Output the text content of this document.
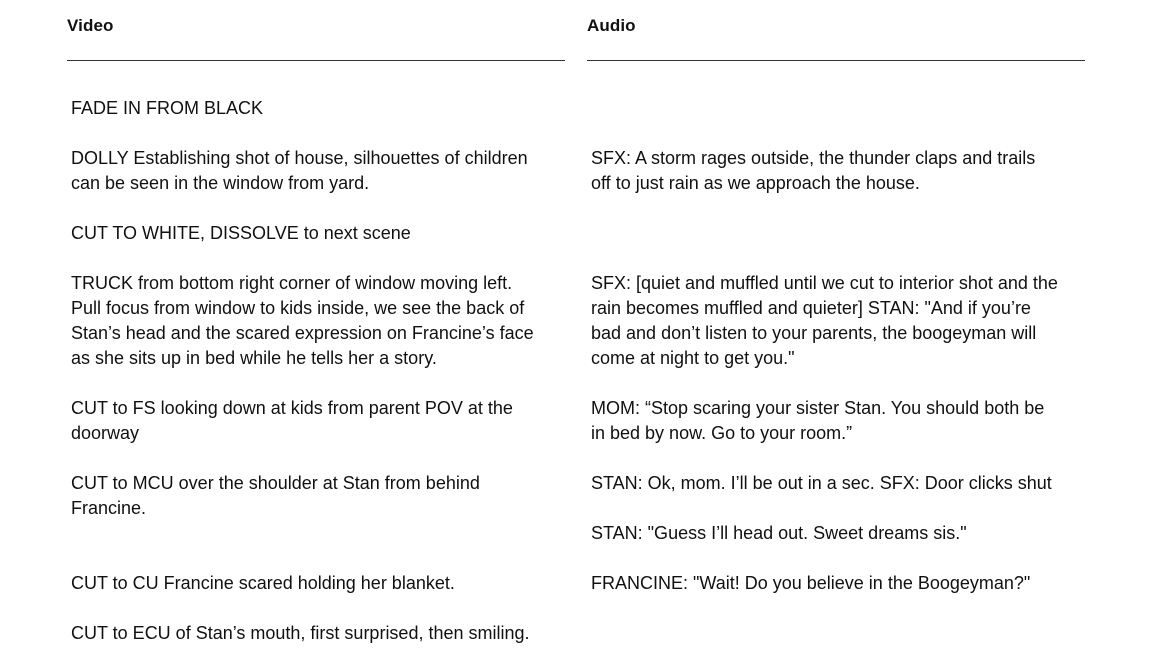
Video	Audio
FADE IN FROM BLACK
DOLLY Establishing shot of house, silhouettes of children
can be seen in the window from yard.
CUT TO WHITE, DISSOLVE to next scene
TRUCK from bottom right corner of window moving left.
Pull focus from window to kids inside, we see the back of
Stan’s head and the scared expression on Francine’s face
as she sits up in bed while he tells her a story.
CUT to FS looking down at kids from parent POV at the
doorway
CUT to MCU over the shoulder at Stan from behind
Francine.
CUT to CU Francine scared holding her blanket.
CUT to ECU of Stan’s mouth, first surprised, then smiling.
SFX: A storm rages outside, the thunder claps and trails
off to just rain as we approach the house.
SFX: [quiet and muffled until we cut to interior shot and the
rain becomes muffled and quieter] STAN: "And if you’re
bad and don’t listen to your parents, the boogeyman will
come at night to get you."
MOM: “Stop scaring your sister Stan. You should both be
in bed by now. Go to your room.”
STAN: Ok, mom. I’ll be out in a sec. SFX: Door clicks shut
STAN: "Guess I’ll head out. Sweet dreams sis."
FRANCINE: "Wait! Do you believe in the Boogeyman?"
